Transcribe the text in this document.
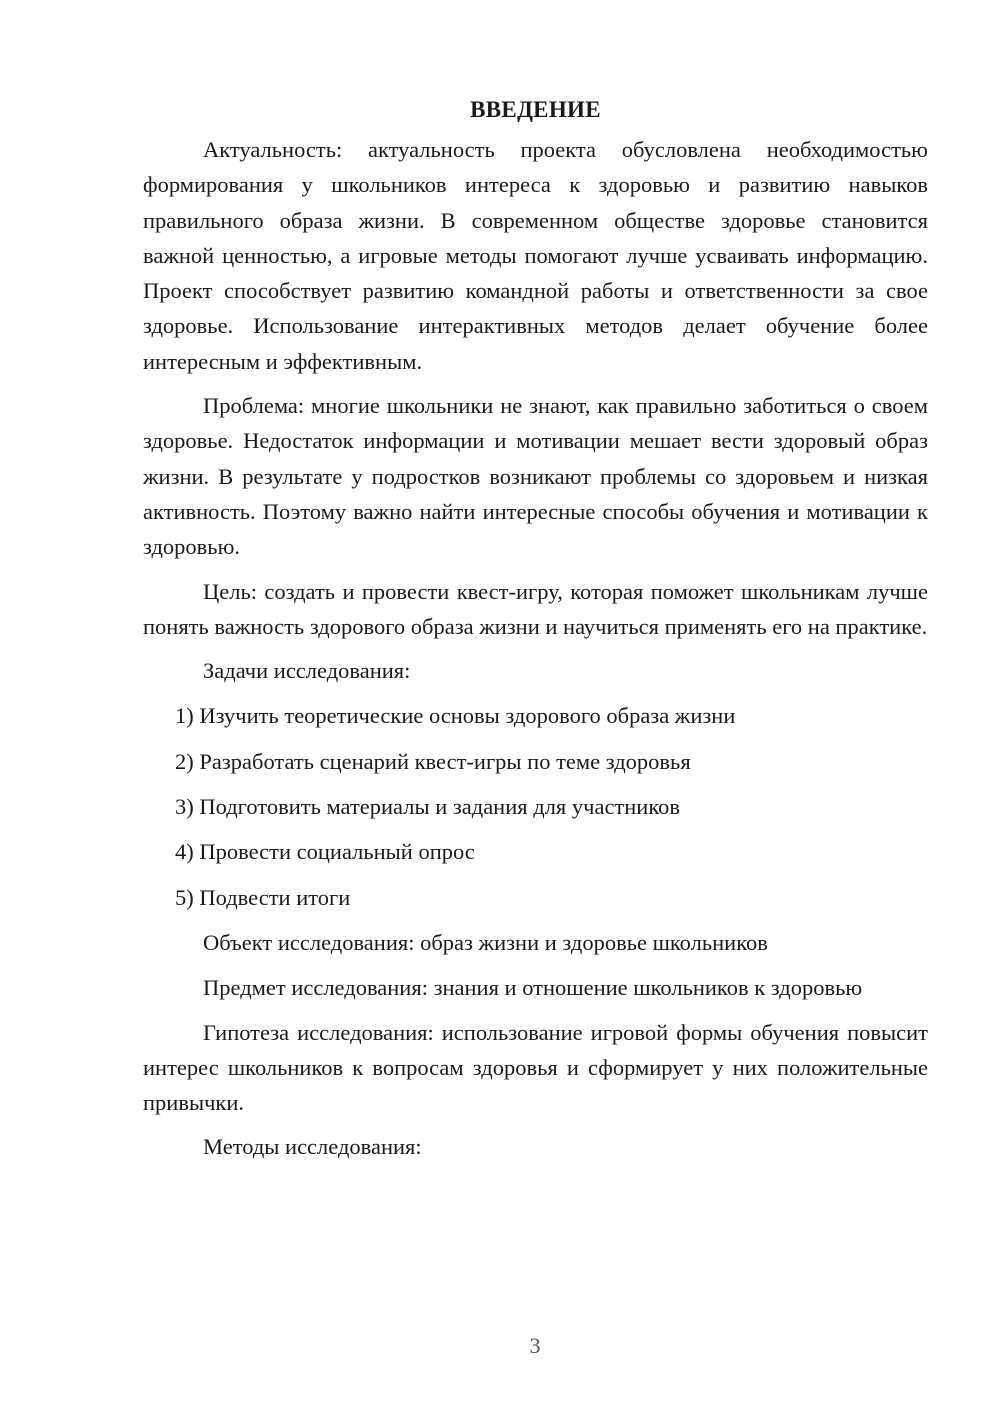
ВВЕДЕНИЕ

Актуальность: актуальность проекта обусловлена необходимостью формирования у школьников интереса к здоровью и развитию навыков правильного образа жизни. В современном обществе здоровье становится важной ценностью, а игровые методы помогают лучше усваивать информацию. Проект способствует развитию командной работы и ответственности за свое здоровье. Использование интерактивных методов делает обучение более интересным и эффективным.

Проблема: многие школьники не знают, как правильно заботиться о своем здоровье. Недостаток информации и мотивации мешает вести здоровый образ жизни. В результате у подростков возникают проблемы со здоровьем и низкая активность. Поэтому важно найти интересные способы обучения и мотивации к здоровью.

Цель: создать и провести квест-игру, которая поможет школьникам лучше понять важность здорового образа жизни и научиться применять его на практике.

Задачи исследования:

1) Изучить теоретические основы здорового образа жизни

2) Разработать сценарий квест-игры по теме здоровья

3) Подготовить материалы и задания для участников

4) Провести социальный опрос

5) Подвести итоги

Объект исследования: образ жизни и здоровье школьников

Предмет исследования: знания и отношение школьников к здоровью

Гипотеза исследования: использование игровой формы обучения повысит интерес школьников к вопросам здоровья и сформирует у них положительные привычки.

Методы исследования:

3
